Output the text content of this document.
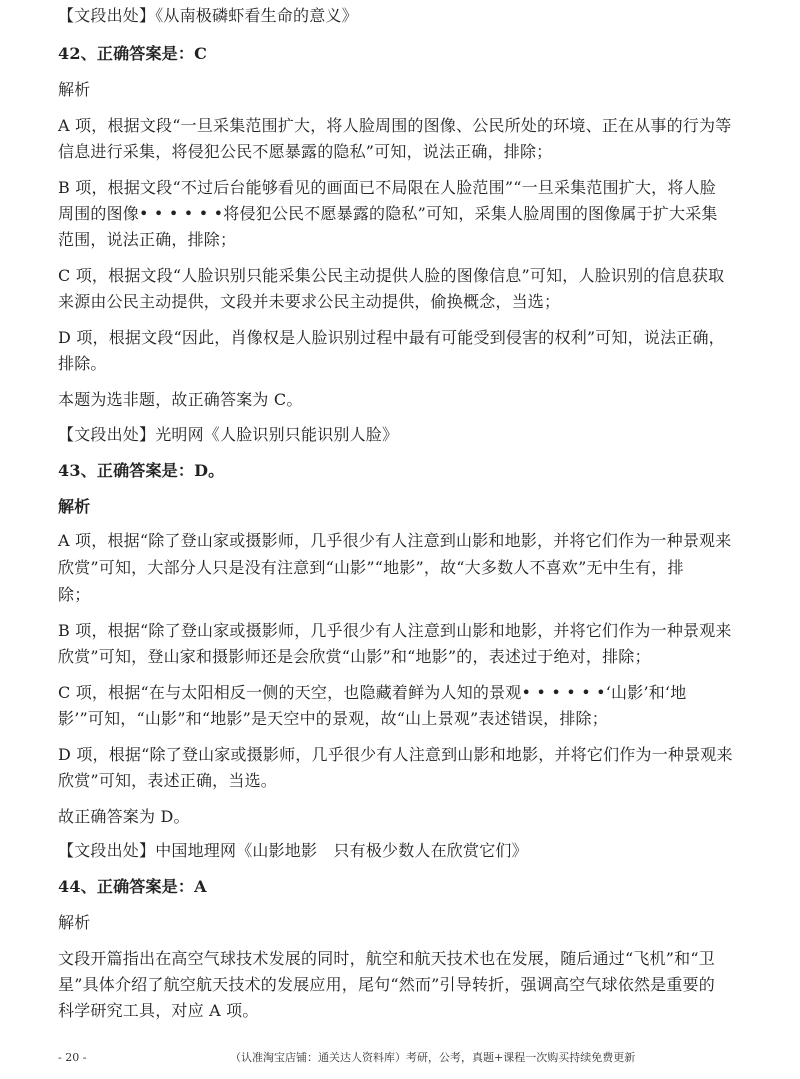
【文段出处】《从南极磷虾看生命的意义》
42、正确答案是：C
解析
A 项，根据文段“一旦采集范围扩大，将人脸周围的图像、公民所处的环境、正在从事的行为等
信息进行采集，将侵犯公民不愿暴露的隐私”可知，说法正确，排除；
B 项，根据文段“不过后台能够看见的画面已不局限在人脸范围”“一旦采集范围扩大，将人脸
周围的图像• • • • • •将侵犯公民不愿暴露的隐私”可知，采集人脸周围的图像属于扩大采集
范围，说法正确，排除；
C 项，根据文段“人脸识别只能采集公民主动提供人脸的图像信息”可知，人脸识别的信息获取
来源由公民主动提供，文段并未要求公民主动提供，偷换概念，当选；
D 项，根据文段“因此，肖像权是人脸识别过程中最有可能受到侵害的权利”可知，说法正确，
排除。
本题为选非题，故正确答案为 C。
【文段出处】光明网《人脸识别只能识别人脸》
43、正确答案是：D。
解析
A 项，根据“除了登山家或摄影师，几乎很少有人注意到山影和地影，并将它们作为一种景观来
欣赏”可知，大部分人只是没有注意到“山影”“地影”，故“大多数人不喜欢”无中生有，排
除；
B 项，根据“除了登山家或摄影师，几乎很少有人注意到山影和地影，并将它们作为一种景观来
欣赏”可知，登山家和摄影师还是会欣赏“山影”和“地影”的，表述过于绝对，排除；
C 项，根据“在与太阳相反一侧的天空，也隐藏着鲜为人知的景观• • • • • •‘山影’和‘地
影’”可知，“山影”和“地影”是天空中的景观，故“山上景观”表述错误，排除；
D 项，根据“除了登山家或摄影师，几乎很少有人注意到山影和地影，并将它们作为一种景观来
欣赏”可知，表述正确，当选。
故正确答案为 D。
【文段出处】中国地理网《山影地影　只有极少数人在欣赏它们》
44、正确答案是：A
解析
文段开篇指出在高空气球技术发展的同时，航空和航天技术也在发展，随后通过“飞机”和“卫
星”具体介绍了航空航天技术的发展应用，尾句“然而”引导转折，强调高空气球依然是重要的
科学研究工具，对应 A 项。
- 20 -	（认准淘宝店铺：通关达人资料库）考研，公考，真题+课程一次购买持续免费更新
